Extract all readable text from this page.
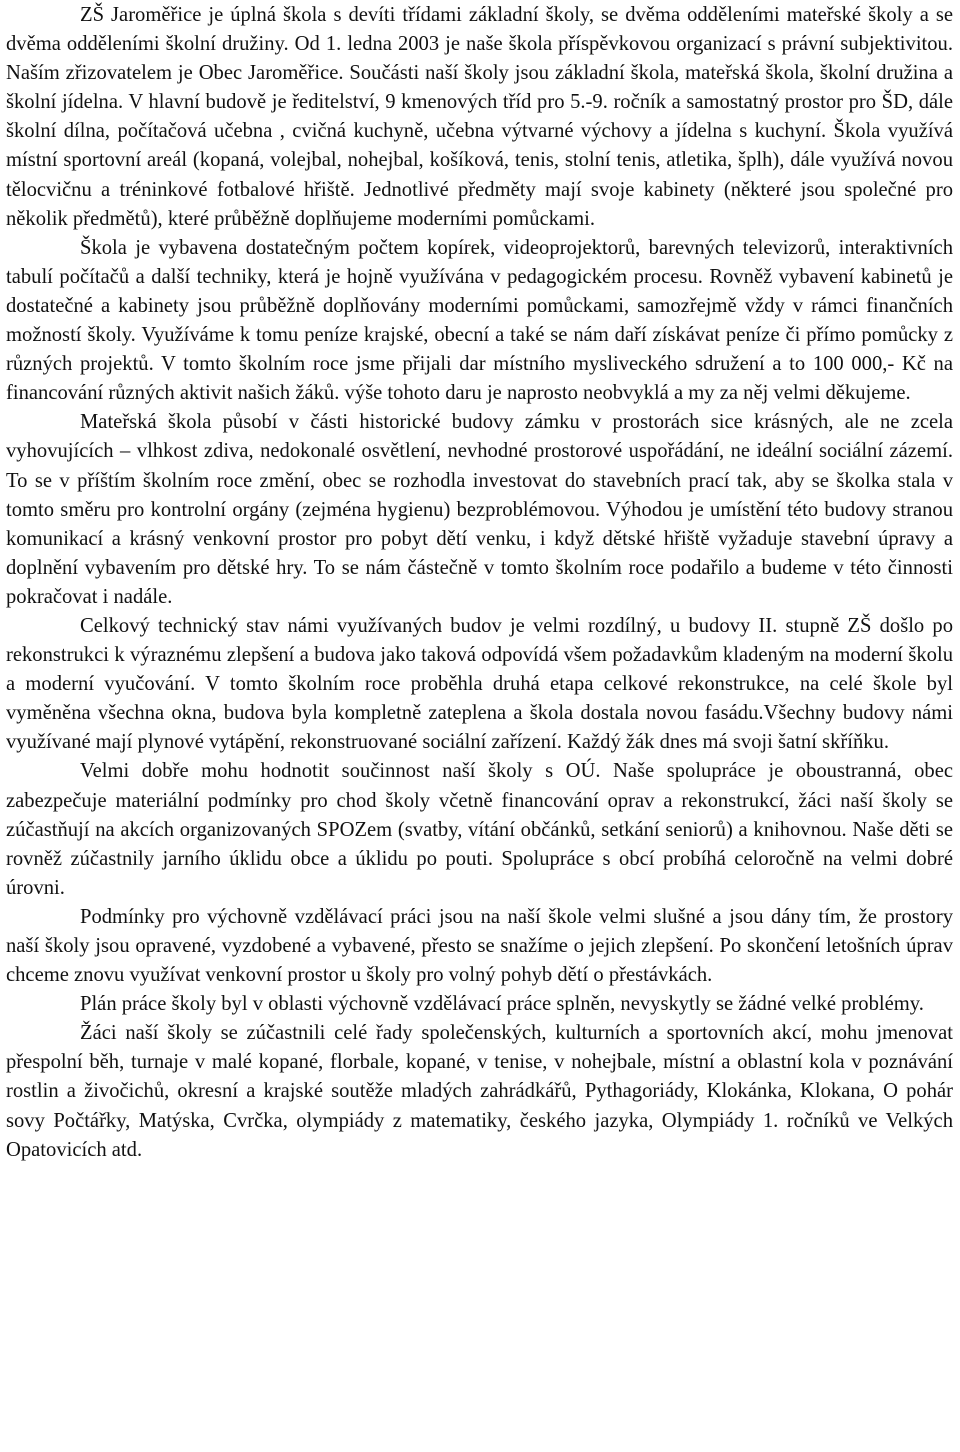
ZŠ Jaroměřice je úplná škola s devíti třídami základní školy, se dvěma odděleními mateřské školy a se dvěma odděleními školní družiny. Od 1. ledna 2003 je naše škola příspěvkovou organizací s právní subjektivitou. Naším zřizovatelem je Obec Jaroměřice. Součásti naší školy jsou základní škola, mateřská škola, školní družina a školní jídelna. V hlavní budově je ředitelství, 9 kmenových tříd pro 5.-9. ročník a samostatný prostor pro ŠD, dále školní dílna, počítačová učebna , cvičná kuchyně, učebna výtvarné výchovy a jídelna s kuchyní. Škola využívá místní sportovní areál (kopaná, volejbal, nohejbal, košíková, tenis, stolní tenis, atletika, šplh), dále využívá novou tělocvičnu a tréninkové fotbalové hřiště. Jednotlivé předměty mají svoje kabinety (některé jsou společné pro několik předmětů), které průběžně doplňujeme moderními pomůckami.

Škola je vybavena dostatečným počtem kopírek, videoprojektorů, barevných televizorů, interaktivních tabulí počítačů a další techniky, která je hojně využívána v pedagogickém procesu. Rovněž vybavení kabinetů je dostatečné a kabinety jsou průběžně doplňovány moderními pomůckami, samozřejmě vždy v rámci finančních možností školy. Využíváme k tomu peníze krajské, obecní a také se nám daří získávat peníze či přímo pomůcky z různých projektů. V tomto školním roce jsme přijali dar místního mysliveckého sdružení a to 100 000,- Kč na financování různých aktivit našich žáků. výše tohoto daru je naprosto neobvyklá a my za něj velmi děkujeme.

Mateřská škola působí v části historické budovy zámku v prostorách sice krásných, ale ne zcela vyhovujících – vlhkost zdiva, nedokonalé osvětlení, nevhodné prostorové uspořádání, ne ideální sociální zázemí. To se v příštím školním roce změní, obec se rozhodla investovat do stavebních prací tak, aby se školka stala v tomto směru pro kontrolní orgány (zejména hygienu) bezproblémovou. Výhodou je umístění této budovy stranou komunikací a krásný venkovní prostor pro pobyt dětí venku, i když dětské hřiště vyžaduje stavební úpravy a doplnění vybavením pro dětské hry. To se nám částečně v tomto školním roce podařilo a budeme v této činnosti pokračovat i nadále.

Celkový technický stav námi využívaných budov je velmi rozdílný, u budovy II. stupně ZŠ došlo po rekonstrukci k výraznému zlepšení a budova jako taková odpovídá všem požadavkům kladeným na moderní školu a moderní vyučování. V tomto školním roce proběhla druhá etapa celkové rekonstrukce, na celé škole byl vyměněna všechna okna, budova byla kompletně zateplena a škola dostala novou fasádu.Všechny budovy námi využívané mají plynové vytápění, rekonstruované sociální zařízení. Každý žák dnes má svoji šatní skříňku.

Velmi dobře mohu hodnotit součinnost naší školy s OÚ. Naše spolupráce je oboustranná, obec zabezpečuje materiální podmínky pro chod školy včetně financování oprav a rekonstrukcí, žáci naší školy se zúčastňují na akcích organizovaných SPOZem (svatby, vítání občánků, setkání seniorů) a knihovnou. Naše děti se rovněž zúčastnily jarního úklidu obce a úklidu po pouti. Spolupráce s obcí probíhá celoročně na velmi dobré úrovni.

Podmínky pro výchovně vzdělávací práci jsou na naší škole velmi slušné a jsou dány tím, že prostory naší školy jsou opravené, vyzdobené a vybavené, přesto se snažíme o jejich zlepšení. Po skončení letošních úprav chceme znovu využívat venkovní prostor u školy pro volný pohyb dětí o přestávkách.

Plán práce školy byl v oblasti výchovně vzdělávací práce splněn, nevyskytly se žádné velké problémy.

Žáci naší školy se zúčastnili celé řady společenských, kulturních a sportovních akcí, mohu jmenovat přespolní běh, turnaje v malé kopané, florbale, kopané, v tenise, v nohejbale, místní a oblastní kola v poznávání rostlin a živočichů, okresní a krajské soutěže mladých zahrádkářů, Pythagoriády, Klokánka, Klokana, O pohár sovy Počtářky, Matýska, Cvrčka, olympiády z matematiky, českého jazyka, Olympiády 1. ročníků ve Velkých Opatovicích atd.
